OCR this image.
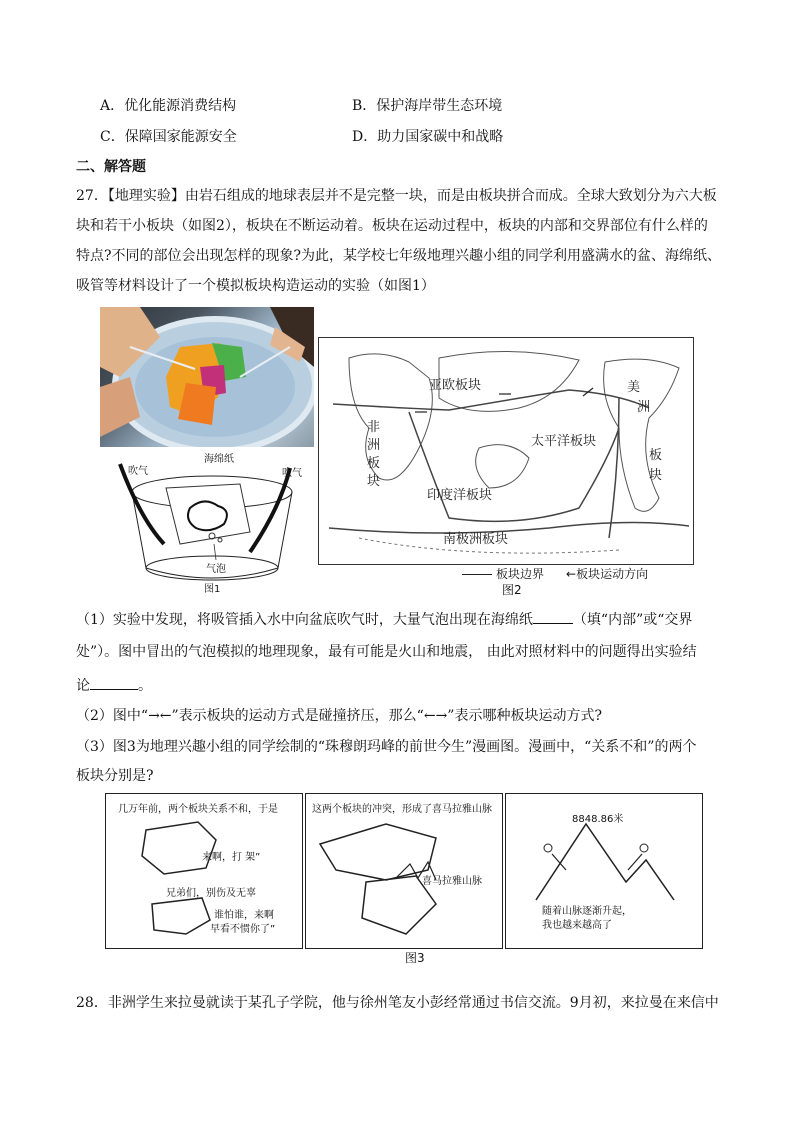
A．优化能源消费结构	B．保护海岸带生态环境
C．保障国家能源安全	D．助力国家碳中和战略
二、解答题
27．【地理实验】由岩石组成的地球表层并不是完整一块，而是由板块拼合而成。全球大致划分为六大板
块和若干小板块（如图2），板块在不断运动着。板块在运动过程中，板块的内部和交界部位有什么样的
特点?不同的部位会出现怎样的现象?为此，某学校七年级地理兴趣小组的同学利用盛满水的盆、海绵纸、
吸管等材料设计了一个模拟板块构造运动的实验（如图1）
海绵纸
吹气	吹气
气泡
图1
亚欧板块
非
洲
板
块
太平洋板块
印度洋板块
南极洲板块
美
洲
板
块
板块边界 ←板块运动方向
图2
（1）实验中发现，将吸管插入水中向盆底吹气时，大量气泡出现在海绵纸	（填“内部”或“交界
处”）。图中冒出的气泡模拟的地理现象，最有可能是火山和地震， 由此对照材料中的问题得出实验结
论	。
（2）图中“→←”表示板块的运动方式是碰撞挤压，那么“←→”表示哪种板块运动方式?
（3）图3为地理兴趣小组的同学绘制的“珠穆朗玛峰的前世今生”漫画图。漫画中，“关系不和”的两个
板块分别是?
几万年前，两个板块关系不和，于是
来啊，打 架”
兄弟们，别伤及无辜
谁怕谁，来啊
早看不惯你了”
这两个板块的冲突，形成了喜马拉雅山脉
喜马拉雅山脉
8848.86米
随着山脉逐渐升起，
我也越来越高了
图3
28．非洲学生来拉曼就读于某孔子学院，他与徐州笔友小彭经常通过书信交流。9月初，来拉曼在来信中
